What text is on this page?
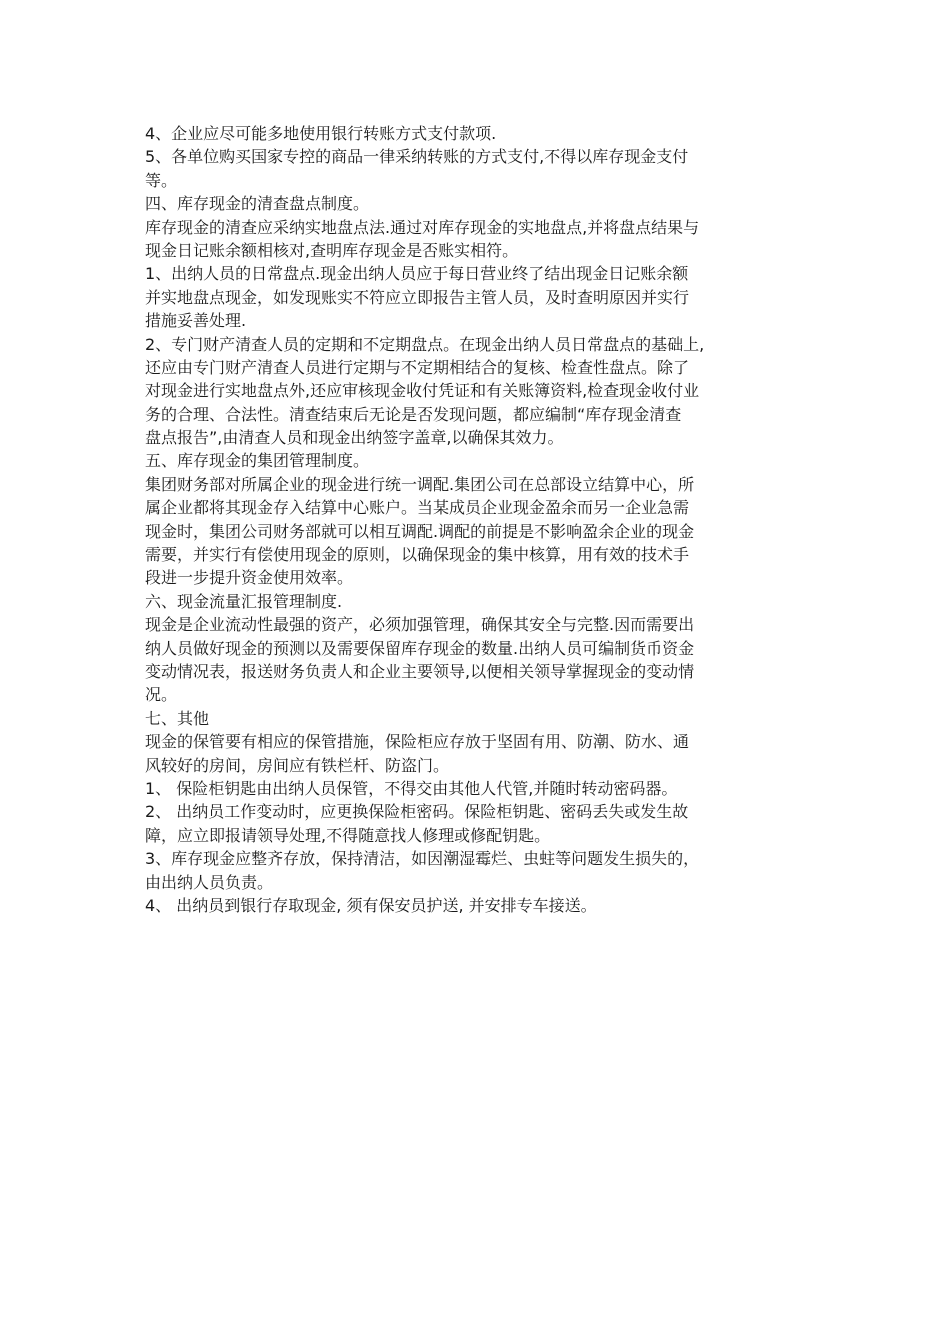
4、企业应尽可能多地使用银行转账方式支付款项.
5、各单位购买国家专控的商品一律采纳转账的方式支付,不得以库存现金支付
等。
四、库存现金的清查盘点制度。
库存现金的清查应采纳实地盘点法.通过对库存现金的实地盘点,并将盘点结果与
现金日记账余额相核对,查明库存现金是否账实相符。
1、出纳人员的日常盘点.现金出纳人员应于每日营业终了结出现金日记账余额
并实地盘点现金，如发现账实不符应立即报告主管人员，及时查明原因并实行
措施妥善处理.
2、专门财产清查人员的定期和不定期盘点。在现金出纳人员日常盘点的基础上,
还应由专门财产清查人员进行定期与不定期相结合的复核、检查性盘点。除了
对现金进行实地盘点外,还应审核现金收付凭证和有关账簿资料,检查现金收付业
务的合理、合法性。清查结束后无论是否发现问题，都应编制“库存现金清查
盘点报告”,由清查人员和现金出纳签字盖章,以确保其效力。
五、库存现金的集团管理制度。
集团财务部对所属企业的现金进行统一调配.集团公司在总部设立结算中心，所
属企业都将其现金存入结算中心账户。当某成员企业现金盈余而另一企业急需
现金时，集团公司财务部就可以相互调配.调配的前提是不影响盈余企业的现金
需要，并实行有偿使用现金的原则，以确保现金的集中核算，用有效的技术手
段进一步提升资金使用效率。
六、现金流量汇报管理制度.
现金是企业流动性最强的资产，必须加强管理，确保其安全与完整.因而需要出
纳人员做好现金的预测以及需要保留库存现金的数量.出纳人员可编制货币资金
变动情况表，报送财务负责人和企业主要领导,以便相关领导掌握现金的变动情
况。
七、其他
现金的保管要有相应的保管措施，保险柜应存放于坚固有用、防潮、防水、通
风较好的房间，房间应有铁栏杆、防盗门。
1、 保险柜钥匙由出纳人员保管，不得交由其他人代管,并随时转动密码器。
2、 出纳员工作变动时，应更换保险柜密码。保险柜钥匙、密码丢失或发生故
障，应立即报请领导处理,不得随意找人修理或修配钥匙。
3、库存现金应整齐存放，保持清洁，如因潮湿霉烂、虫蛀等问题发生损失的，
由出纳人员负责。
4、 出纳员到银行存取现金, 须有保安员护送, 并安排专车接送。
